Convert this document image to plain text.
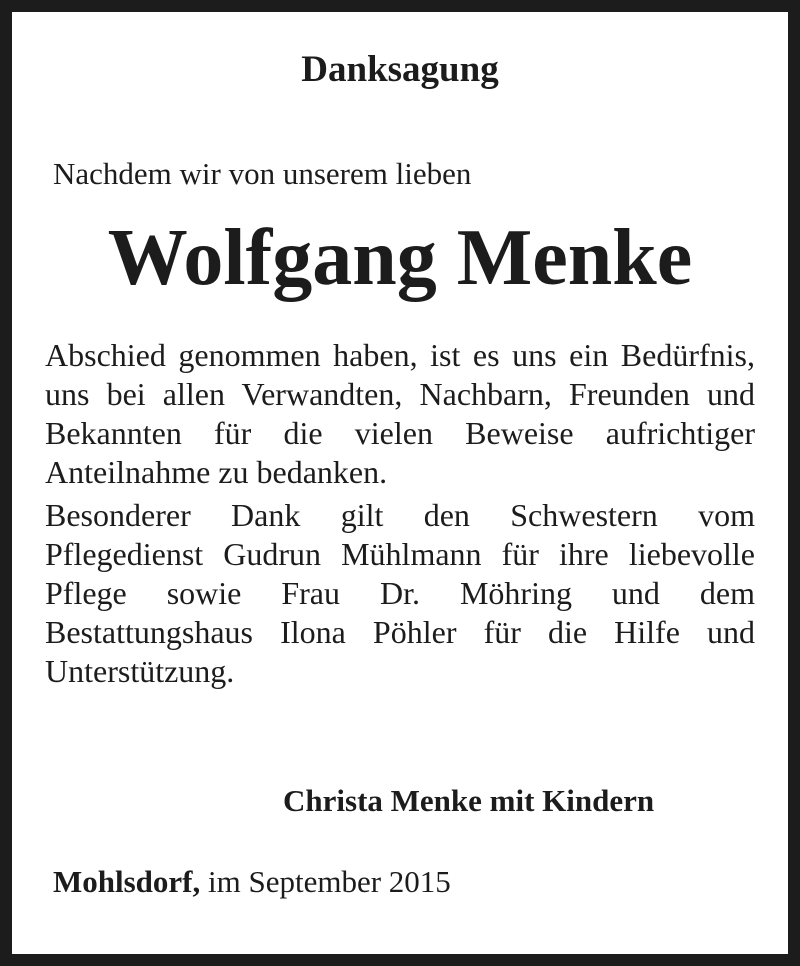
Danksagung
Nachdem wir von unserem lieben
Wolfgang Menke

Abschied genommen haben, ist es uns ein Bedürfnis, uns bei allen Verwandten, Nachbarn, Freunden und Bekannten für die vielen Beweise aufrichtiger Anteilnahme zu bedanken.

Besonderer Dank gilt den Schwestern vom Pflegedienst Gudrun Mühlmann für ihre liebevolle Pflege sowie Frau Dr. Möhring und dem Bestattungshaus Ilona Pöhler für die Hilfe und Unterstützung.

Christa Menke mit Kindern
Mohlsdorf, im September 2015
